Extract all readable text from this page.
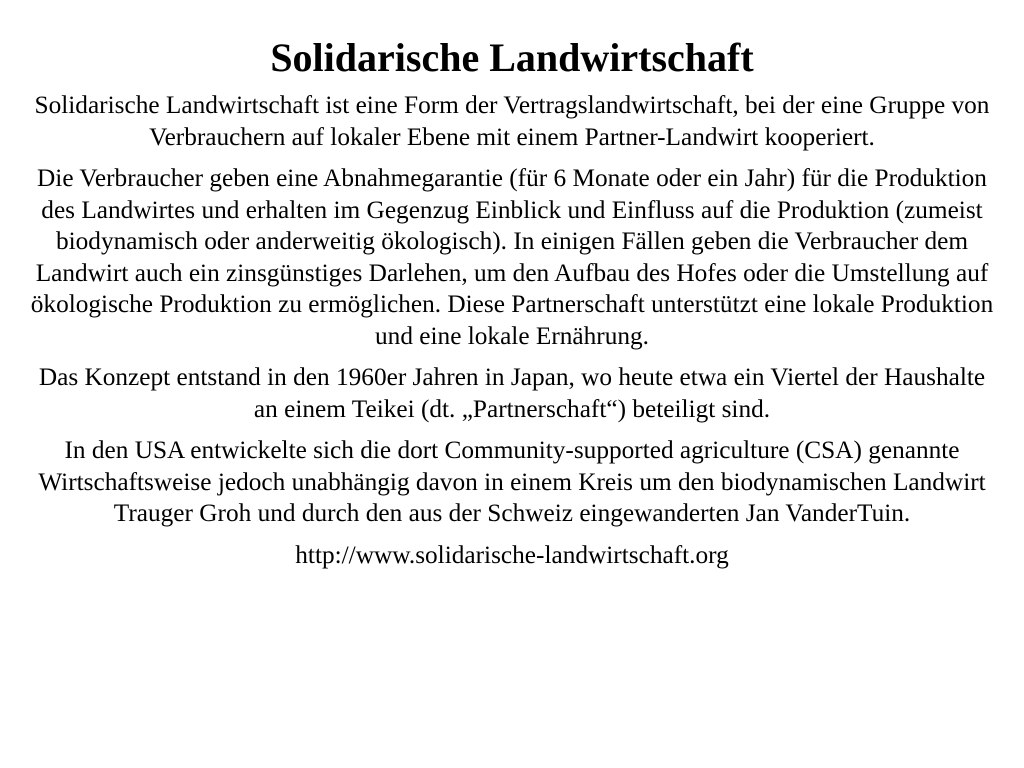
Solidarische Landwirtschaft

Solidarische Landwirtschaft ist eine Form der Vertragslandwirtschaft, bei der eine Gruppe von Verbrauchern auf lokaler Ebene mit einem Partner-Landwirt kooperiert.

Die Verbraucher geben eine Abnahmegarantie (für 6 Monate oder ein Jahr) für die Produktion des Landwirtes und erhalten im Gegenzug Einblick und Einfluss auf die Produktion (zumeist biodynamisch oder anderweitig ökologisch). In einigen Fällen geben die Verbraucher dem Landwirt auch ein zinsgünstiges Darlehen, um den Aufbau des Hofes oder die Umstellung auf ökologische Produktion zu ermöglichen. Diese Partnerschaft unterstützt eine lokale Produktion und eine lokale Ernährung.

Das Konzept entstand in den 1960er Jahren in Japan, wo heute etwa ein Viertel der Haushalte an einem Teikei (dt. „Partnerschaft“) beteiligt sind.

In den USA entwickelte sich die dort Community-supported agriculture (CSA) genannte Wirtschaftsweise jedoch unabhängig davon in einem Kreis um den biodynamischen Landwirt Trauger Groh und durch den aus der Schweiz eingewanderten Jan VanderTuin.

http://www.solidarische-landwirtschaft.org
